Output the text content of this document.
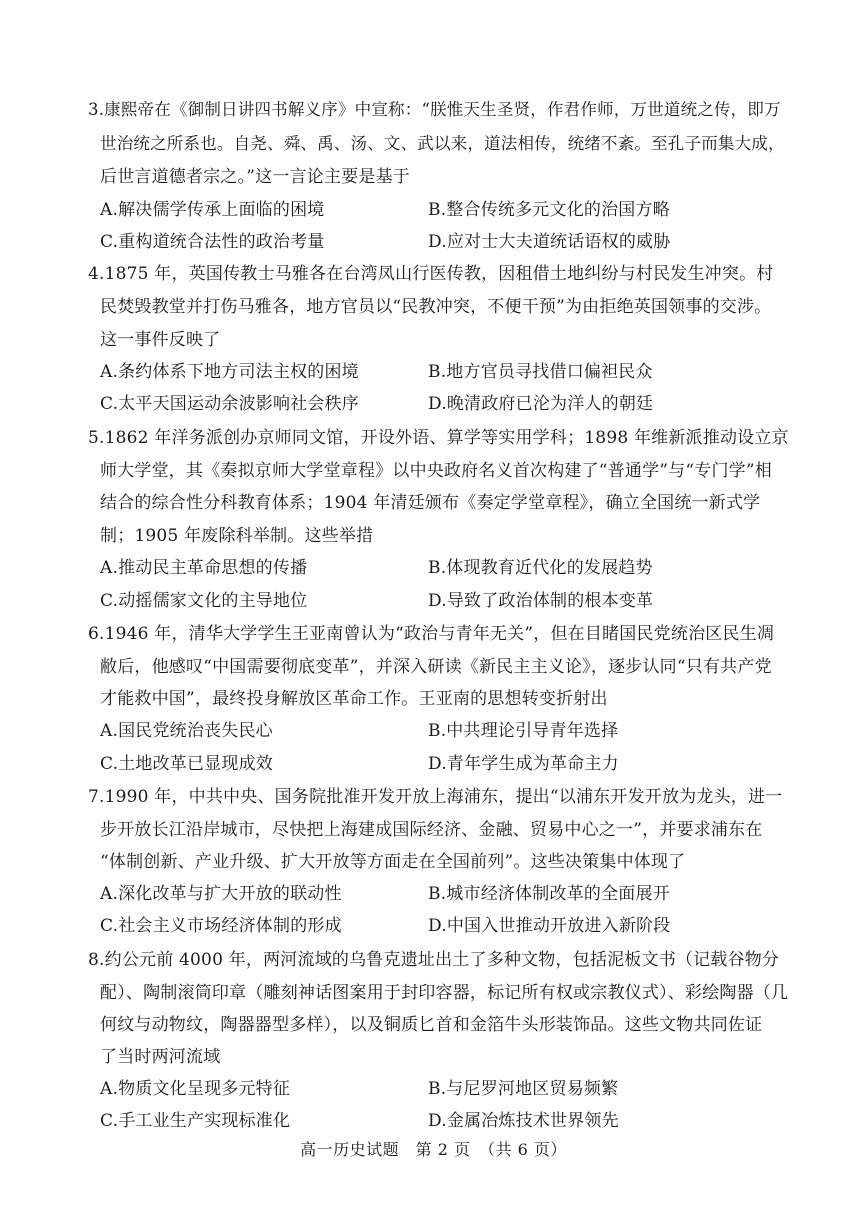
3.康熙帝在《御制日讲四书解义序》中宣称：“朕惟天生圣贤，作君作师，万世道统之传，即万
世治统之所系也。自尧、舜、禹、汤、文、武以来，道法相传，统绪不紊。至孔子而集大成，
后世言道德者宗之。”这一言论主要是基于
A.解决儒学传承上面临的困境	B.整合传统多元文化的治国方略
C.重构道统合法性的政治考量	D.应对士大夫道统话语权的威胁
4.1875 年，英国传教士马雅各在台湾凤山行医传教，因租借土地纠纷与村民发生冲突。村
民焚毁教堂并打伤马雅各，地方官员以“民教冲突，不便干预”为由拒绝英国领事的交涉。
这一事件反映了
A.条约体系下地方司法主权的困境	B.地方官员寻找借口偏袒民众
C.太平天国运动余波影响社会秩序	D.晚清政府已沦为洋人的朝廷
5.1862 年洋务派创办京师同文馆，开设外语、算学等实用学科；1898 年维新派推动设立京
师大学堂，其《奏拟京师大学堂章程》以中央政府名义首次构建了“普通学”与“专门学”相
结合的综合性分科教育体系；1904 年清廷颁布《奏定学堂章程》，确立全国统一新式学
制；1905 年废除科举制。这些举措
A.推动民主革命思想的传播	B.体现教育近代化的发展趋势
C.动摇儒家文化的主导地位	D.导致了政治体制的根本变革
6.1946 年，清华大学学生王亚南曾认为“政治与青年无关”，但在目睹国民党统治区民生凋
敝后，他感叹“中国需要彻底变革”，并深入研读《新民主主义论》，逐步认同“只有共产党
才能救中国”，最终投身解放区革命工作。王亚南的思想转变折射出
A.国民党统治丧失民心	B.中共理论引导青年选择
C.土地改革已显现成效	D.青年学生成为革命主力
7.1990 年，中共中央、国务院批准开发开放上海浦东，提出“以浦东开发开放为龙头，进一
步开放长江沿岸城市，尽快把上海建成国际经济、金融、贸易中心之一”，并要求浦东在
“体制创新、产业升级、扩大开放等方面走在全国前列”。这些决策集中体现了
A.深化改革与扩大开放的联动性	B.城市经济体制改革的全面展开
C.社会主义市场经济体制的形成	D.中国入世推动开放进入新阶段
8.约公元前 4000 年，两河流域的乌鲁克遗址出土了多种文物，包括泥板文书（记载谷物分
配）、陶制滚筒印章（雕刻神话图案用于封印容器，标记所有权或宗教仪式）、彩绘陶器（几
何纹与动物纹，陶器器型多样），以及铜质匕首和金箔牛头形装饰品。这些文物共同佐证
了当时两河流域
A.物质文化呈现多元特征	B.与尼罗河地区贸易频繁
C.手工业生产实现标准化	D.金属冶炼技术世界领先
高一历史试题　第 2 页　（共 6 页）
